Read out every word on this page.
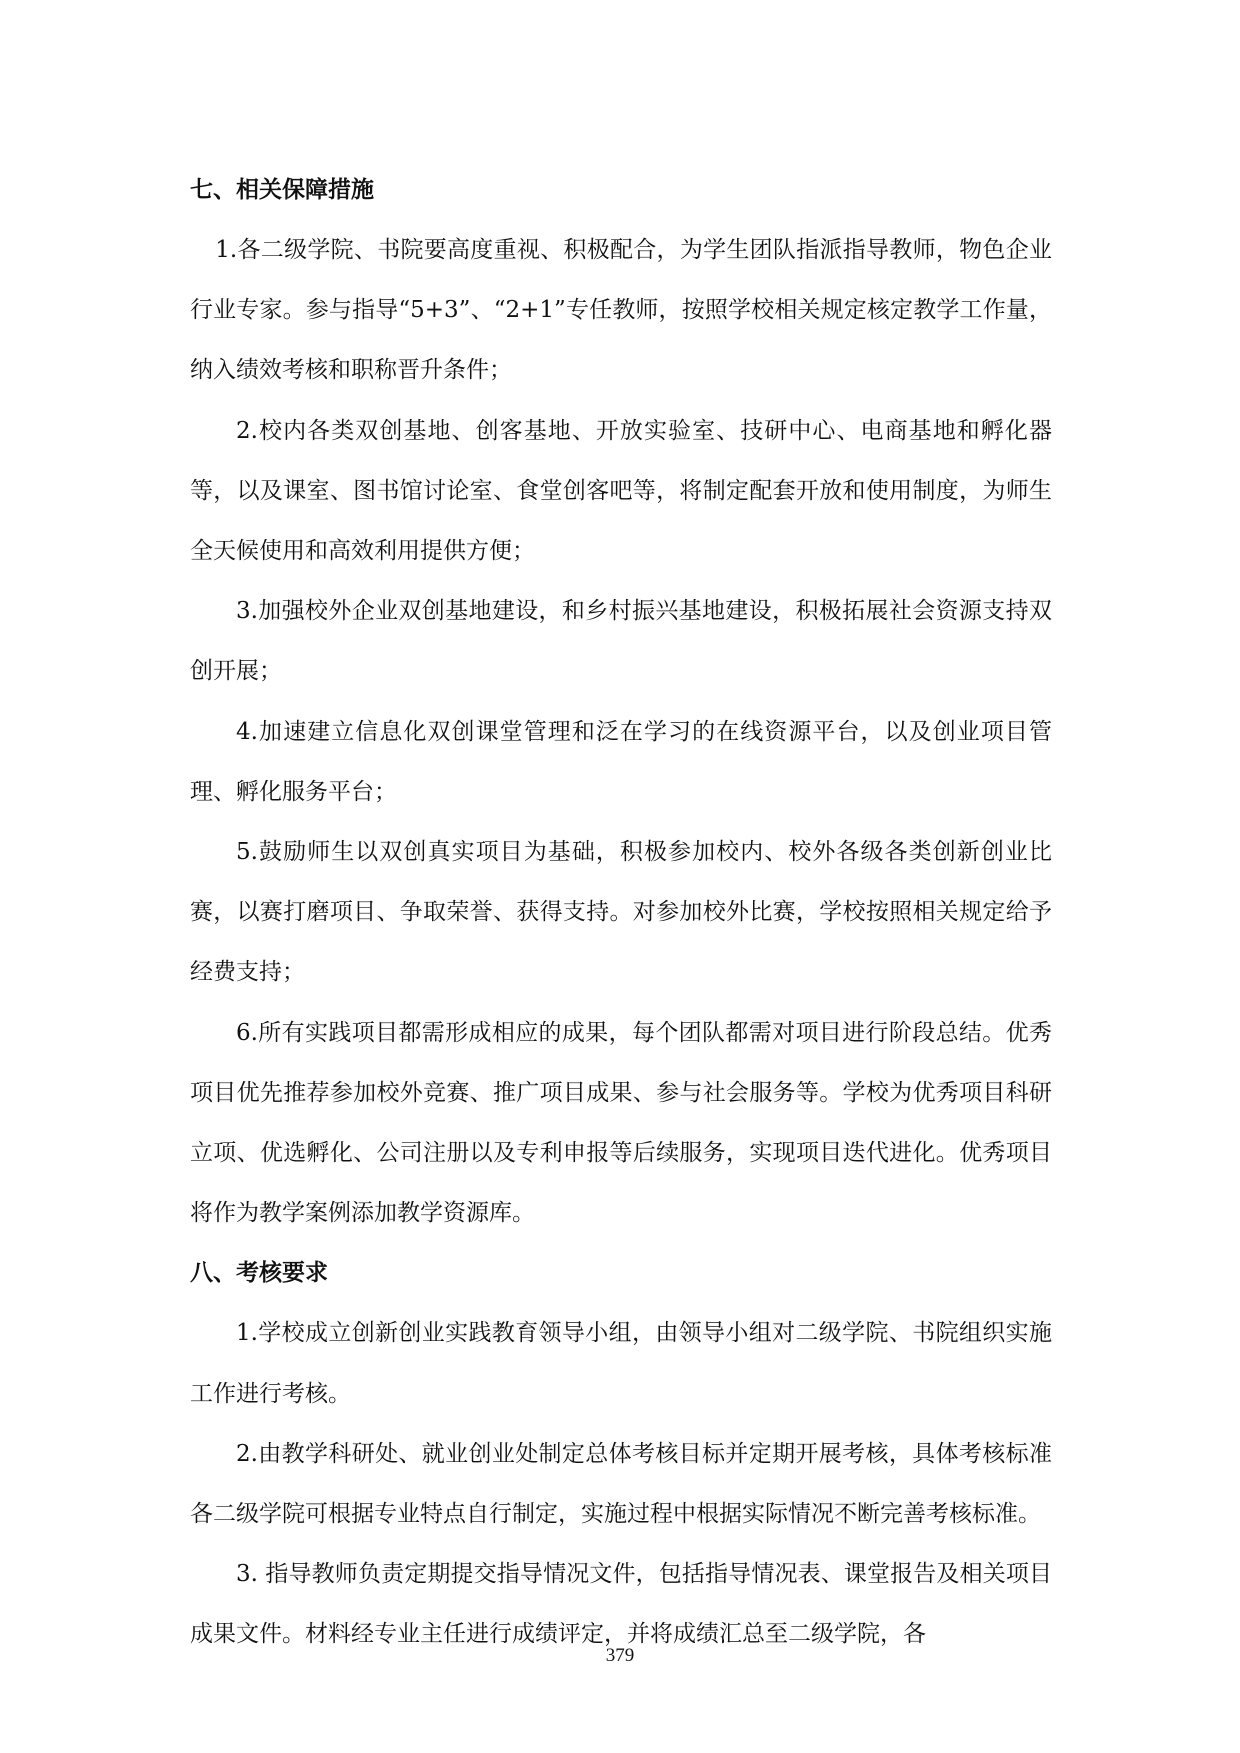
七、相关保障措施

1.各二级学院、书院要高度重视、积极配合，为学生团队指派指导教师，物色企业行业专家。参与指导“5+3”、“2+1”专任教师，按照学校相关规定核定教学工作量，纳入绩效考核和职称晋升条件；

2.校内各类双创基地、创客基地、开放实验室、技研中心、电商基地和孵化器等，以及课室、图书馆讨论室、食堂创客吧等，将制定配套开放和使用制度，为师生全天候使用和高效利用提供方便；

3.加强校外企业双创基地建设，和乡村振兴基地建设，积极拓展社会资源支持双创开展；

4.加速建立信息化双创课堂管理和泛在学习的在线资源平台，以及创业项目管理、孵化服务平台；

5.鼓励师生以双创真实项目为基础，积极参加校内、校外各级各类创新创业比赛，以赛打磨项目、争取荣誉、获得支持。对参加校外比赛，学校按照相关规定给予经费支持；

6.所有实践项目都需形成相应的成果，每个团队都需对项目进行阶段总结。优秀项目优先推荐参加校外竞赛、推广项目成果、参与社会服务等。学校为优秀项目科研立项、优选孵化、公司注册以及专利申报等后续服务，实现项目迭代进化。优秀项目将作为教学案例添加教学资源库。

八、考核要求

1.学校成立创新创业实践教育领导小组，由领导小组对二级学院、书院组织实施工作进行考核。

2.由教学科研处、就业创业处制定总体考核目标并定期开展考核，具体考核标准各二级学院可根据专业特点自行制定，实施过程中根据实际情况不断完善考核标准。

3. 指导教师负责定期提交指导情况文件，包括指导情况表、课堂报告及相关项目成果文件。材料经专业主任进行成绩评定，并将成绩汇总至二级学院，各

379
